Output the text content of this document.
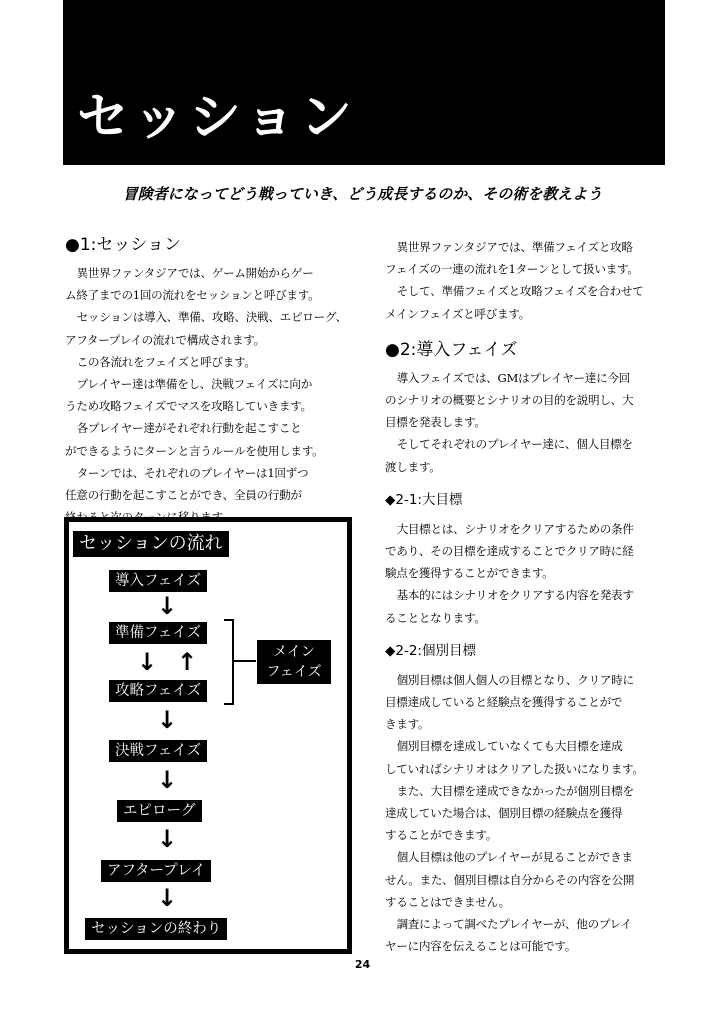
セッション
冒険者になってどう戦っていき、どう成長するのか、その術を教えよう
●1:セッション

異世界ファンタジアでは、ゲーム開始からゲー
ム終了までの1回の流れをセッションと呼びます。

セッションは導入、準備、攻略、決戦、エピローグ、
アフタープレイの流れで構成されます。

この各流れをフェイズと呼びます。

プレイヤー達は準備をし、決戦フェイズに向か
うため攻略フェイズでマスを攻略していきます。

各プレイヤー達がそれぞれ行動を起こすこと
ができるようにターンと言うルールを使用します。

ターンでは、それぞれのプレイヤーは1回ずつ
任意の行動を起こすことができ、全員の行動が

セッションの流れ
導入フェイズ
↓
準備フェイズ
↓ ↑
攻略フェイズ
↓
メイン
フェイズ
決戦フェイズ
↓
エピローグ
↓
アフタープレイ
↓
セッションの終わり

異世界ファンタジアでは、準備フェイズと攻略
フェイズの一連の流れを1ターンとして扱います。

そして、準備フェイズと攻略フェイズを合わせて
メインフェイズと呼びます。

●2:導入フェイズ

導入フェイズでは、GMはプレイヤー達に今回
のシナリオの概要とシナリオの目的を説明し、大
目標を発表します。

そしてそれぞれのプレイヤー達に、個人目標を
渡します。

◆2-1:大目標

大目標とは、シナリオをクリアするための条件
であり、その目標を達成することでクリア時に経
験点を獲得することができます。

基本的にはシナリオをクリアする内容を発表す
ることとなります。

◆2-2:個別目標

個別目標は個人個人の目標となり、クリア時に
目標達成していると経験点を獲得することがで
きます。

個別目標を達成していなくても大目標を達成
していればシナリオはクリアした扱いになります。

また、大目標を達成できなかったが個別目標を
達成していた場合は、個別目標の経験点を獲得
することができます。

個人目標は他のプレイヤーが見ることができま
せん。また、個別目標は自分からその内容を公開
することはできません。

調査によって調べたプレイヤーが、他のプレイ
ヤーに内容を伝えることは可能です。

24
